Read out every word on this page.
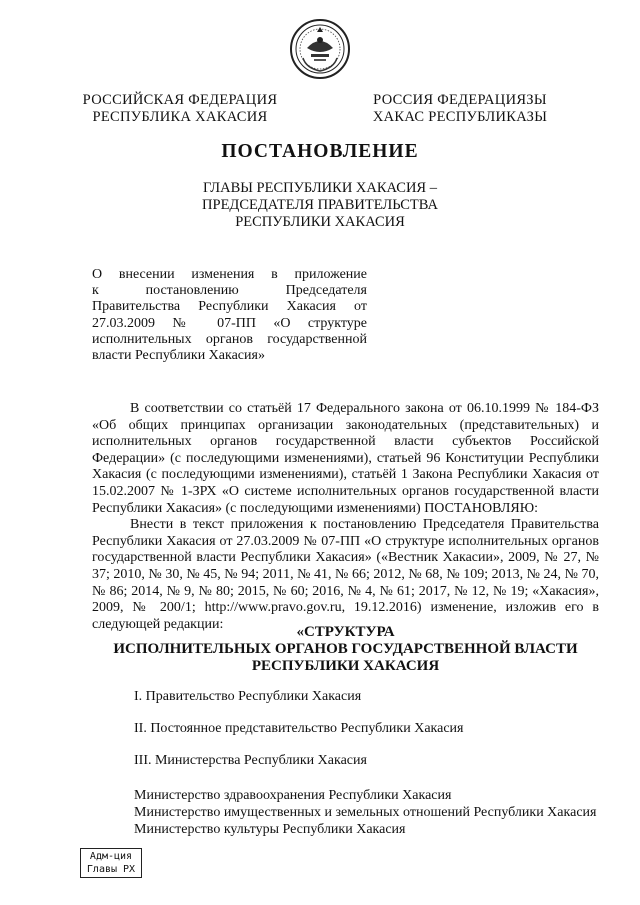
РОССИЙСКАЯ ФЕДЕРАЦИЯ
РЕСПУБЛИКА ХАКАСИЯ
РОССИЯ ФЕДЕРАЦИЯЗЫ
ХАКАС РЕСПУБЛИКАЗЫ
ПОСТАНОВЛЕНИЕ
ГЛАВЫ РЕСПУБЛИКИ ХАКАСИЯ –
ПРЕДСЕДАТЕЛЯ ПРАВИТЕЛЬСТВА
РЕСПУБЛИКИ ХАКАСИЯ
О внесении изменения в приложение
к постановлению Председателя
Правительства Республики Хакасия от
27.03.2009 № 07-ПП «О структуре
исполнительных органов государственной
власти Республики Хакасия»

В соответствии со статьёй 17 Федерального закона от 06.10.1999 № 184-ФЗ «Об общих принципах организации законодательных (представительных) и исполнительных органов государственной власти субъектов Российской Федерации» (с последующими изменениями), статьей 96 Конституции Республики Хакасия (с последующими изменениями), статьёй 1 Закона Республики Хакасия от 15.02.2007 № 1-ЗРХ «О системе исполнительных органов государственной власти Республики Хакасия» (с последующими изменениями) ПОСТАНОВЛЯЮ:

Внести в текст приложения к постановлению Председателя Правительства Республики Хакасия от 27.03.2009 № 07-ПП «О структуре исполнительных органов государственной власти Республики Хакасия» («Вестник Хакасии», 2009, № 27, № 37; 2010, № 30, № 45, № 94; 2011, № 41, № 66; 2012, № 68, № 109; 2013, № 24, № 70, № 86; 2014, № 9, № 80; 2015, № 60; 2016, № 4, № 61; 2017, № 12, № 19; «Хакасия», 2009, № 200/1; http://www.pravo.gov.ru, 19.12.2016) изменение, изложив его в следующей редакции:	«СТРУКТУРА
ИСПОЛНИТЕЛЬНЫХ ОРГАНОВ ГОСУДАРСТВЕННОЙ ВЛАСТИ
РЕСПУБЛИКИ ХАКАСИЯ
I. Правительство Республики Хакасия
II. Постоянное представительство Республики Хакасия
III. Министерства Республики Хакасия
Министерство здравоохранения Республики Хакасия
Министерство имущественных и земельных отношений Республики Хакасия
Министерство культуры Республики Хакасия
Адм-ция
Главы РХ
